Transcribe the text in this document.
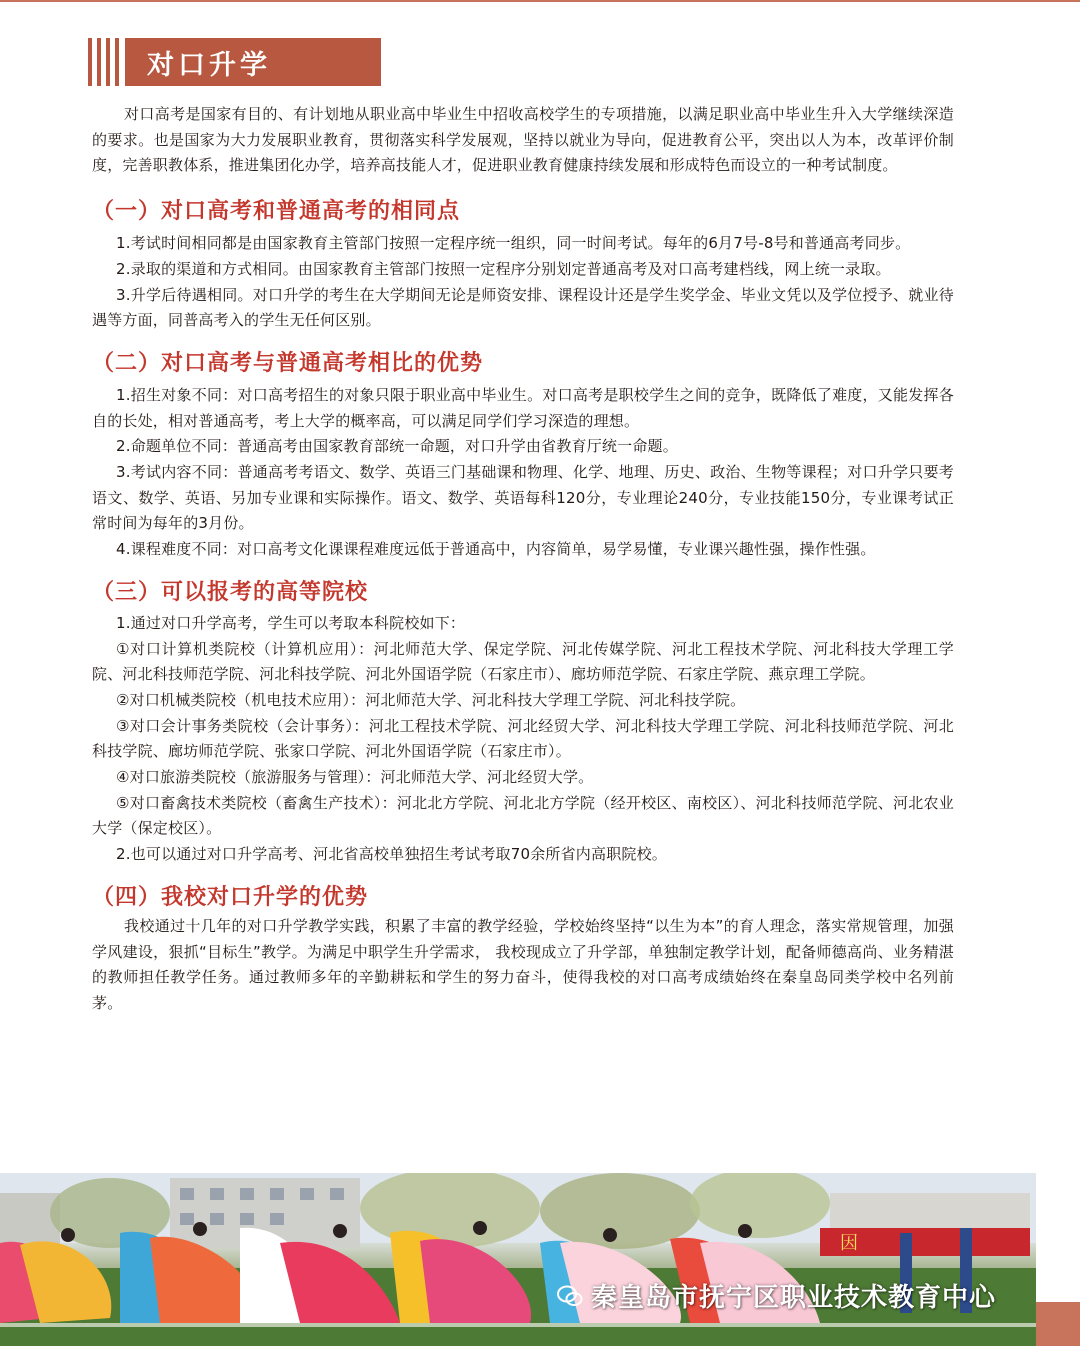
对口升学

对口高考是国家有目的、有计划地从职业高中毕业生中招收高校学生的专项措施，以满足职业高中毕业生升入大学继续深造的要求。也是国家为大力发展职业教育，贯彻落实科学发展观，坚持以就业为导向，促进教育公平，突出以人为本，改革评价制度，完善职教体系，推进集团化办学，培养高技能人才，促进职业教育健康持续发展和形成特色而设立的一种考试制度。

（一）对口高考和普通高考的相同点

1.考试时间相同都是由国家教育主管部门按照一定程序统一组织，同一时间考试。每年的6月7号-8号和普通高考同步。

2.录取的渠道和方式相同。由国家教育主管部门按照一定程序分别划定普通高考及对口高考建档线，网上统一录取。

3.升学后待遇相同。对口升学的考生在大学期间无论是师资安排、课程设计还是学生奖学金、毕业文凭以及学位授予、就业待遇等方面，同普高考入的学生无任何区别。

（二）对口高考与普通高考相比的优势

1.招生对象不同：对口高考招生的对象只限于职业高中毕业生。对口高考是职校学生之间的竞争，既降低了难度，又能发挥各自的长处，相对普通高考，考上大学的概率高，可以满足同学们学习深造的理想。

2.命题单位不同：普通高考由国家教育部统一命题，对口升学由省教育厅统一命题。

3.考试内容不同：普通高考考语文、数学、英语三门基础课和物理、化学、地理、历史、政治、生物等课程；对口升学只要考语文、数学、英语、另加专业课和实际操作。语文、数学、英语每科120分，专业理论240分，专业技能150分，专业课考试正常时间为每年的3月份。

4.课程难度不同：对口高考文化课课程难度远低于普通高中，内容简单，易学易懂，专业课兴趣性强，操作性强。

（三）可以报考的高等院校

1.通过对口升学高考，学生可以考取本科院校如下：

①对口计算机类院校（计算机应用）：河北师范大学、保定学院、河北传媒学院、河北工程技术学院、河北科技大学理工学院、河北科技师范学院、河北科技学院、河北外国语学院（石家庄市）、廊坊师范学院、石家庄学院、燕京理工学院。

②对口机械类院校（机电技术应用）：河北师范大学、河北科技大学理工学院、河北科技学院。

③对口会计事务类院校（会计事务）：河北工程技术学院、河北经贸大学、河北科技大学理工学院、河北科技师范学院、河北科技学院、廊坊师范学院、张家口学院、河北外国语学院（石家庄市）。

④对口旅游类院校（旅游服务与管理）：河北师范大学、河北经贸大学。

⑤对口畜禽技术类院校（畜禽生产技术）：河北北方学院、河北北方学院（经开校区、南校区）、河北科技师范学院、河北农业大学（保定校区）。

2.也可以通过对口升学高考、河北省高校单独招生考试考取70余所省内高职院校。

（四）我校对口升学的优势

我校通过十几年的对口升学教学实践，积累了丰富的教学经验，学校始终坚持“以生为本”的育人理念，落实常规管理，加强学风建设，狠抓“目标生”教学。为满足中职学生升学需求， 我校现成立了升学部，单独制定教学计划，配备师德高尚、业务精湛的教师担任教学任务。通过教师多年的辛勤耕耘和学生的努力奋斗，使得我校的对口高考成绩始终在秦皇岛同类学校中名列前茅。

因
秦皇岛市抚宁区职业技术教育中心
